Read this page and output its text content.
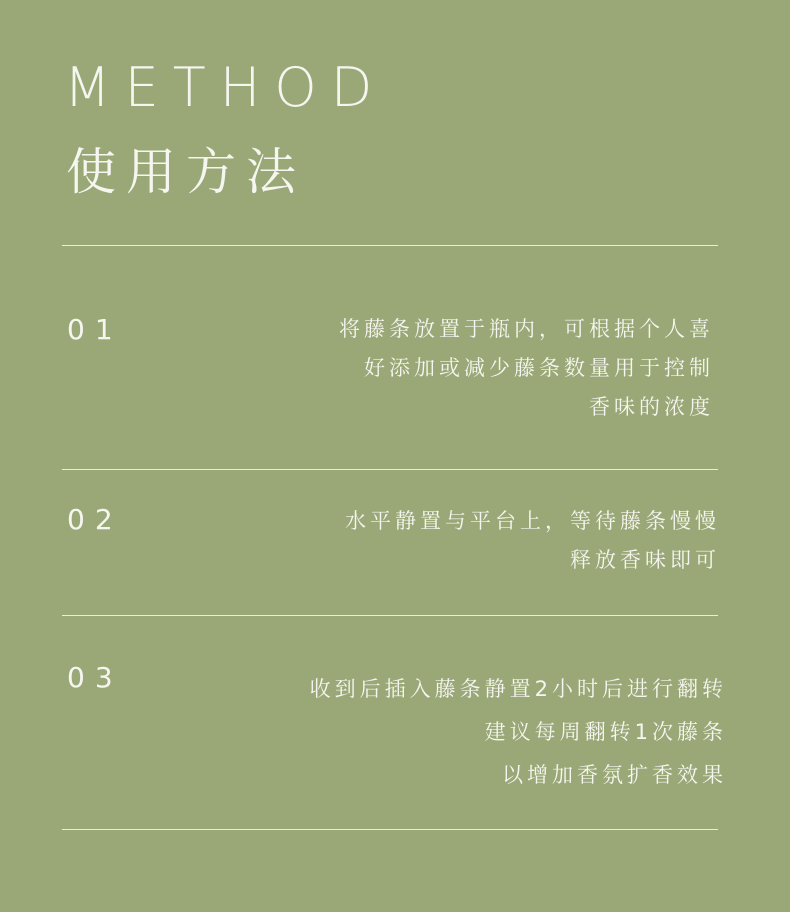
METHOD
使用方法
01	将藤条放置于瓶内，可根据个人喜
好添加或减少藤条数量用于控制
香味的浓度
02	水平静置与平台上，等待藤条慢慢
释放香味即可
03	收到后插入藤条静置2小时后进行翻转
建议每周翻转1次藤条
以增加香氛扩香效果
